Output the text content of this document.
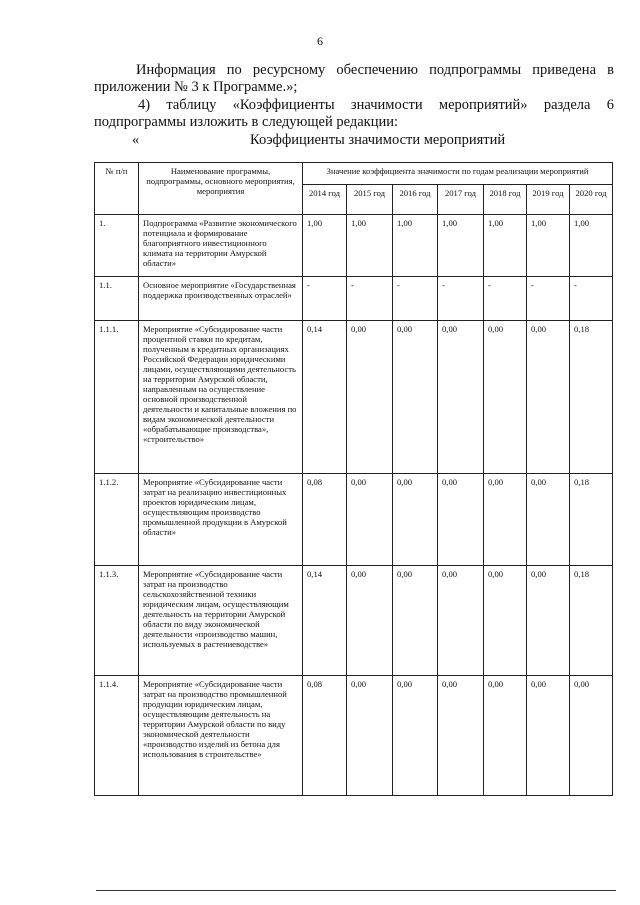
6

Информация по ресурсному обеспечению подпрограммы приведена в приложении № 3 к Программе.»;

4) таблицу «Коэффициенты значимости мероприятий» раздела 6 подпрограммы изложить в следующей редакции:

«	Коэффициенты значимости мероприятий

№ п/п	Наименование программы, подпрограммы, основного мероприятия, мероприятия	Значение коэффициента значимости по годам реализации мероприятий						
		2014 год	2015 год	2016 год	2017 год	2018 год	2019 год	2020 год
1.	Подпрограмма «Развитие экономического потенциала и формирование благоприятного инвестиционного климата на территории Амурской области»	1,00	1,00	1,00	1,00	1,00	1,00	1,00
1.1.	Основное мероприятие «Государственная поддержка производственных отраслей»	-	-	-	-	-	-	-
1.1.1.	Мероприятие «Субсидирование части процентной ставки по кредитам, полученным в кредитных организациях Российской Федерации юридическими лицами, осуществляющими деятельность на территории Амурской области, направленным на осуществление основной производственной деятельности и капитальные вложения по видам экономической деятельности «обрабатывающие производства», «строительство»	0,14	0,00	0,00	0,00	0,00	0,00	0,18
1.1.2.	Мероприятие «Субсидирование части затрат на реализацию инвестиционных проектов юридическим лицам, осуществляющим производство промышленной продукции в Амурской области»	0,08	0,00	0,00	0,00	0,00	0,00	0,18
1.1.3.	Мероприятие «Субсидирование части затрат на производство сельскохозяйственной техники юридическим лицам, осуществляющим деятельность на территории Амурской области по виду экономической деятельности «производство машин, используемых в растениеводстве»	0,14	0,00	0,00	0,00	0,00	0,00	0,18
1.1.4.	Мероприятие «Субсидирование части затрат на производство промышленной продукции юридическим лицам, осуществляющим деятельность на территории Амурской области по виду экономической деятельности «производство изделий из бетона для использования в строительстве»	0,08	0,00	0,00	0,00	0,00	0,00	0,00
